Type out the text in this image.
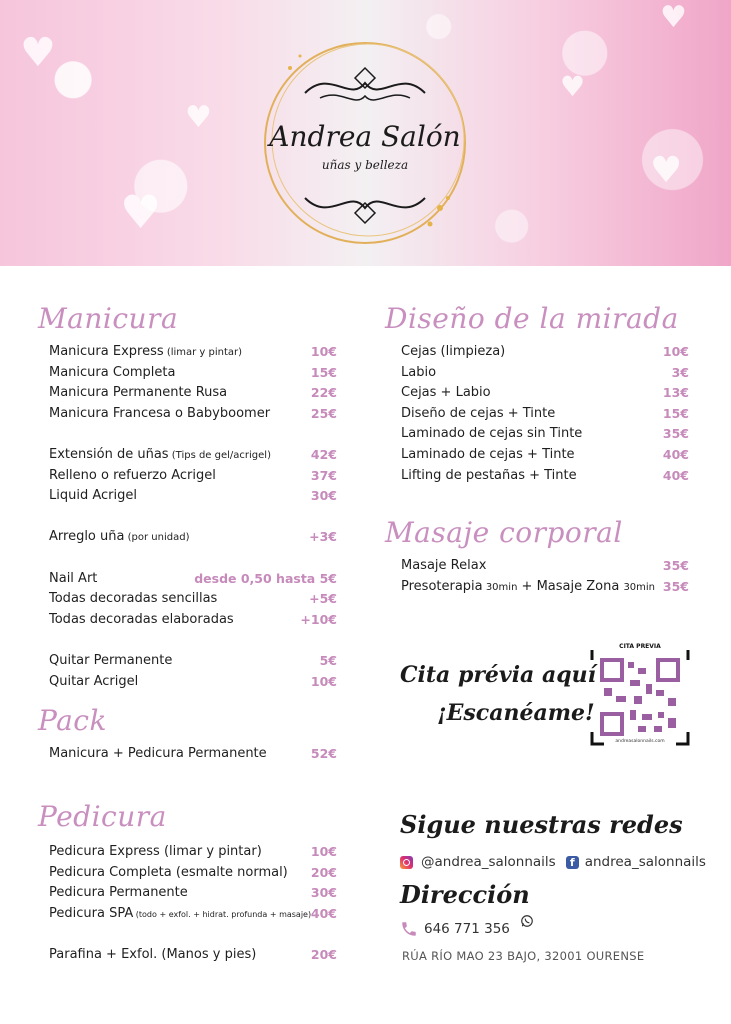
♥
♥
♥
♥
♥
♥
Andrea Salón
uñas y belleza
Manicura
Manicura Express (limar y pintar)	10€
Manicura Completa	15€
Manicura Permanente Rusa	22€
Manicura Francesa o Babyboomer	25€
Extensión de uñas (Tips de gel/acrigel)	42€
Relleno o refuerzo Acrigel	37€
Liquid Acrigel	30€
Arreglo uña (por unidad)	+3€
Nail Art	desde 0,50 hasta 5€
Todas decoradas sencillas	+5€
Todas decoradas elaboradas	+10€
Quitar Permanente	5€
Quitar Acrigel	10€
Pack
Manicura + Pedicura Permanente	52€
Pedicura
Pedicura Express (limar y pintar)	10€
Pedicura Completa (esmalte normal) 20€
Pedicura Permanente	30€
Pedicura SPA (todo + exfol. + hidrat. profunda + masaje) 40€
Parafina + Exfol. (Manos y pies)	20€
Diseño de la mirada
Cejas (limpieza)	10€
Labio	3€
Cejas + Labio	13€
Diseño de cejas + Tinte	15€
Laminado de cejas sin Tinte	35€
Laminado de cejas + Tinte	40€
Lifting de pestañas + Tinte	40€
Masaje corporal
Masaje Relax	35€
Presoterapia 30min + Masaje Zona 30min 35€
Cita prévia aquí
¡Escanéame!
CITA PREVIA
andreasalonnails.com
Sigue nuestras redes
@andrea_salonnails f andrea_salonnails
Dirección
646 771 356
RÚA RÍO MAO 23 BAJO, 32001 OURENSE
